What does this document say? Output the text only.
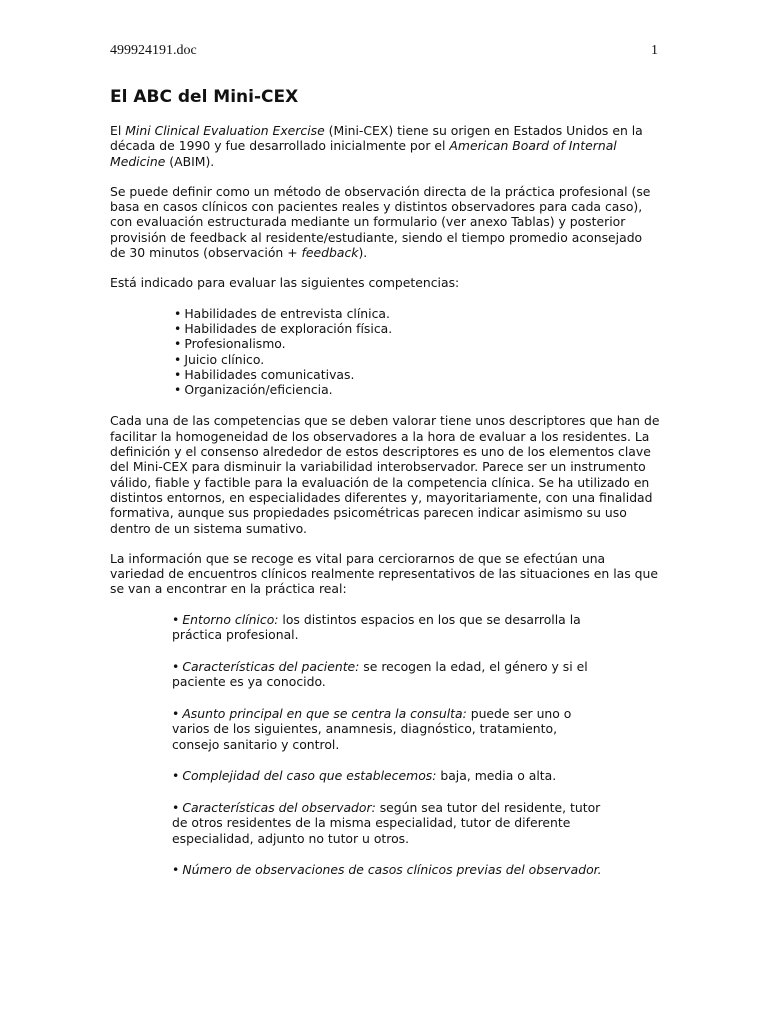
499924191.doc	1
El ABC del Mini-CEX

El Mini Clinical Evaluation Exercise (Mini-CEX) tiene su origen en Estados Unidos en la década de 1990 y fue desarrollado inicialmente por el American Board of Internal Medicine (ABIM).

Se puede definir como un método de observación directa de la práctica profesional (se basa en casos clínicos con pacientes reales y distintos observadores para cada caso), con evaluación estructurada mediante un formulario (ver anexo Tablas) y posterior provisión de feedback al residente/estudiante, siendo el tiempo promedio aconsejado de 30 minutos (observación + feedback).

Está indicado para evaluar las siguientes competencias:

• Habilidades de entrevista clínica.
• Habilidades de exploración física.
• Profesionalismo.
• Juicio clínico.
• Habilidades comunicativas.
• Organización/eficiencia.

Cada una de las competencias que se deben valorar tiene unos descriptores que han de facilitar la homogeneidad de los observadores a la hora de evaluar a los residentes. La definición y el consenso alrededor de estos descriptores es uno de los elementos clave del Mini-CEX para disminuir la variabilidad interobservador. Parece ser un instrumento válido, fiable y factible para la evaluación de la competencia clínica. Se ha utilizado en distintos entornos, en especialidades diferentes y, mayoritariamente, con una finalidad formativa, aunque sus propiedades psicométricas parecen indicar asimismo su uso dentro de un sistema sumativo.

La información que se recoge es vital para cerciorarnos de que se efectúan una variedad de encuentros clínicos realmente representativos de las situaciones en las que se van a encontrar en la práctica real:

• Entorno clínico: los distintos espacios en los que se desarrolla la práctica profesional.
• Características del paciente: se recogen la edad, el género y si el paciente es ya conocido.
• Asunto principal en que se centra la consulta: puede ser uno o varios de los siguientes, anamnesis, diagnóstico, tratamiento, consejo sanitario y control.
• Complejidad del caso que establecemos: baja, media o alta.
• Características del observador: según sea tutor del residente, tutor de otros residentes de la misma especialidad, tutor de diferente especialidad, adjunto no tutor u otros.
• Número de observaciones de casos clínicos previas del observador.
